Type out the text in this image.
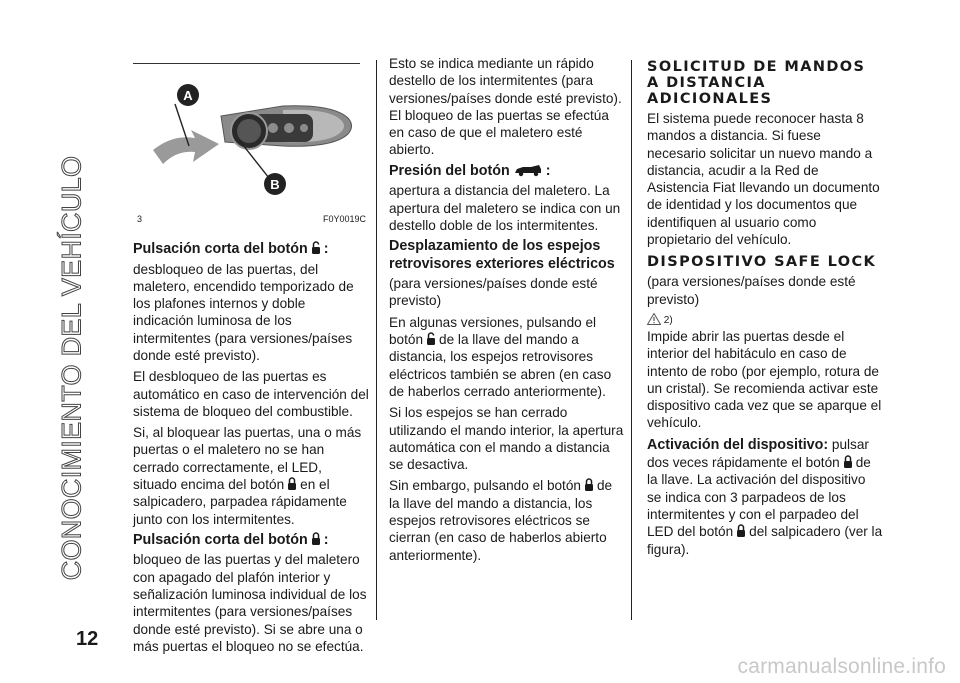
CONOCIMIENTO DEL VEHÍCULO
12
A
B
3	F0Y0019C
Pulsación corta del botón :

desbloqueo de las puertas, del maletero, encendido temporizado de los plafones internos y doble indicación luminosa de los intermitentes (para versiones/países donde esté previsto).

El desbloqueo de las puertas es automático en caso de intervención del sistema de bloqueo del combustible.

Si, al bloquear las puertas, una o más puertas o el maletero no se han cerrado correctamente, el LED, situado encima del botón en el salpicadero, parpadea rápidamente junto con los intermitentes.

Pulsación corta del botón :

bloqueo de las puertas y del maletero con apagado del plafón interior y señalización luminosa individual de los intermitentes (para versiones/países donde esté previsto). Si se abre una o más puertas el bloqueo no se efectúa.

Esto se indica mediante un rápido destello de los intermitentes (para versiones/países donde esté previsto). El bloqueo de las puertas se efectúa en caso de que el maletero esté abierto.

Presión del botón	:

apertura a distancia del maletero. La apertura del maletero se indica con un destello doble de los intermitentes.

Desplazamiento de los espejos retrovisores exteriores eléctricos

(para versiones/países donde esté previsto)

En algunas versiones, pulsando el botón de la llave del mando a distancia, los espejos retrovisores eléctricos también se abren (en caso de haberlos cerrado anteriormente).

Si los espejos se han cerrado utilizando el mando interior, la apertura automática con el mando a distancia se desactiva.

Sin embargo, pulsando el botón de la llave del mando a distancia, los espejos retrovisores eléctricos se cierran (en caso de haberlos abierto anteriormente).

SOLICITUD DE MANDOS A DISTANCIA ADICIONALES

El sistema puede reconocer hasta 8 mandos a distancia. Si fuese necesario solicitar un nuevo mando a distancia, acudir a la Red de Asistencia Fiat llevando un documento de identidad y los documentos que identifiquen al usuario como propietario del vehículo.

DISPOSITIVO SAFE LOCK

(para versiones/países donde esté previsto)

2)

Impide abrir las puertas desde el interior del habitáculo en caso de intento de robo (por ejemplo, rotura de un cristal). Se recomienda activar este dispositivo cada vez que se aparque el vehículo.

Activación del dispositivo: pulsar dos veces rápidamente el botón de la llave. La activación del dispositivo se indica con 3 parpadeos de los intermitentes y con el parpadeo del LED del botón del salpicadero (ver la figura).

carmanualsonline.info
